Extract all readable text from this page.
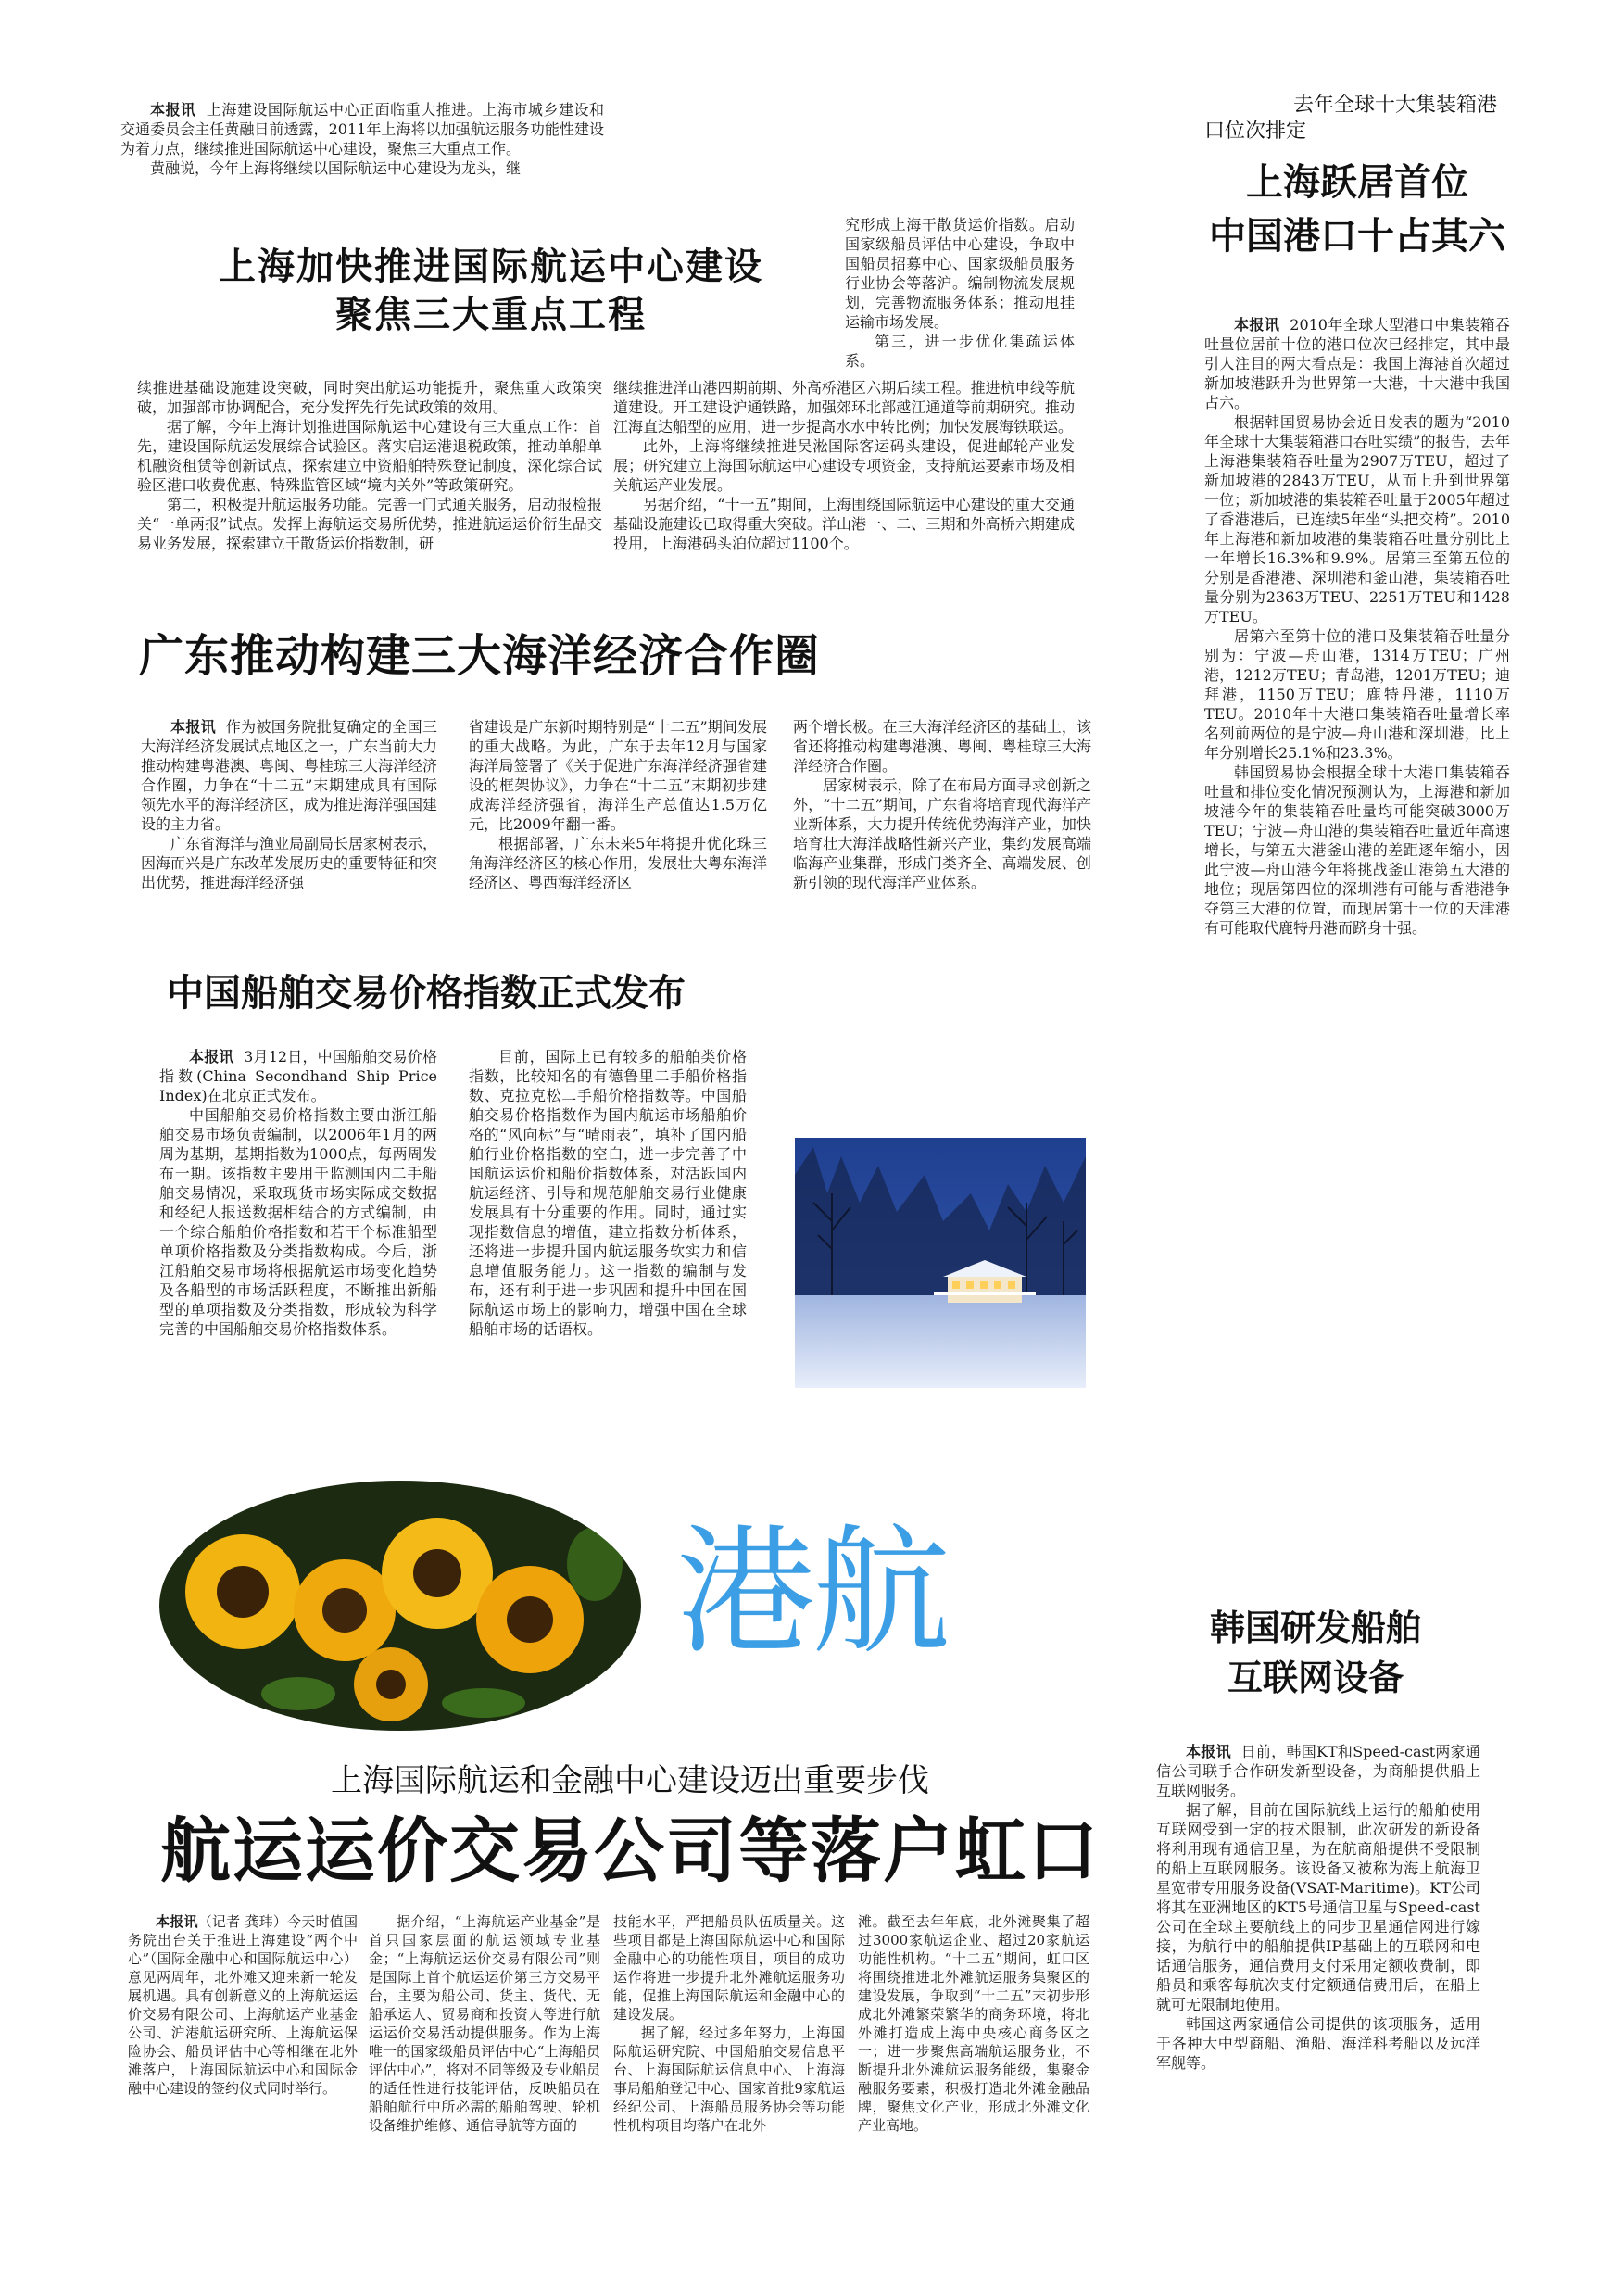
本报讯 上海建设国际航运中心正面临重大推进。上海市城乡建设和交通委员会主任黄融日前透露，2011年上海将以加强航运服务功能性建设为着力点，继续推进国际航运中心建设，聚焦三大重点工作。

黄融说，今年上海将继续以国际航运中心建设为龙头，继

上海加快推进国际航运中心建设
聚焦三大重点工程

究形成上海干散货运价指数。启动国家级船员评估中心建设，争取中国船员招募中心、国家级船员服务行业协会等落沪。编制物流发展规划，完善物流服务体系；推动甩挂运输市场发展。

第三，进一步优化集疏运体系。

续推进基础设施建设突破，同时突出航运功能提升，聚焦重大政策突破，加强部市协调配合，充分发挥先行先试政策的效用。

据了解，今年上海计划推进国际航运中心建设有三大重点工作：首先，建设国际航运发展综合试验区。落实启运港退税政策，推动单船单机融资租赁等创新试点，探索建立中资船舶特殊登记制度，深化综合试验区港口收费优惠、特殊监管区域“境内关外”等政策研究。

第二，积极提升航运服务功能。完善一门式通关服务，启动报检报关“一单两报”试点。发挥上海航运交易所优势，推进航运运价衍生品交易业务发展，探索建立干散货运价指数制，研

继续推进洋山港四期前期、外高桥港区六期后续工程。推进杭申线等航道建设。开工建设沪通铁路，加强郊环北部越江通道等前期研究。推动江海直达船型的应用，进一步提高水水中转比例；加快发展海铁联运。

此外，上海将继续推进吴淞国际客运码头建设，促进邮轮产业发展；研究建立上海国际航运中心建设专项资金，支持航运要素市场及相关航运产业发展。

另据介绍，“十一五”期间，上海围绕国际航运中心建设的重大交通基础设施建设已取得重大突破。洋山港一、二、三期和外高桥六期建成投用，上海港码头泊位超过1100个。

去年全球十大集装箱港
口位次排定
上海跃居首位
中国港口十占其六

本报讯 2010年全球大型港口中集装箱吞吐量位居前十位的港口位次已经排定，其中最引人注目的两大看点是：我国上海港首次超过新加坡港跃升为世界第一大港，十大港中我国占六。

根据韩国贸易协会近日发表的题为“2010年全球十大集装箱港口吞吐实绩”的报告，去年上海港集装箱吞吐量为2907万TEU，超过了新加坡港的2843万TEU，从而上升到世界第一位；新加坡港的集装箱吞吐量于2005年超过了香港港后，已连续5年坐“头把交椅”。2010年上海港和新加坡港的集装箱吞吐量分别比上一年增长16.3%和9.9%。居第三至第五位的分别是香港港、深圳港和釜山港，集装箱吞吐量分别为2363万TEU、2251万TEU和1428万TEU。

居第六至第十位的港口及集装箱吞吐量分别为：宁波—舟山港，1314万TEU；广州港，1212万TEU；青岛港，1201万TEU；迪拜港，1150万TEU；鹿特丹港，1110万TEU。2010年十大港口集装箱吞吐量增长率名列前两位的是宁波—舟山港和深圳港，比上年分别增长25.1%和23.3%。

韩国贸易协会根据全球十大港口集装箱吞吐量和排位变化情况预测认为，上海港和新加坡港今年的集装箱吞吐量均可能突破3000万TEU；宁波—舟山港的集装箱吞吐量近年高速增长，与第五大港釜山港的差距逐年缩小，因此宁波—舟山港今年将挑战釜山港第五大港的地位；现居第四位的深圳港有可能与香港港争夺第三大港的位置，而现居第十一位的天津港有可能取代鹿特丹港而跻身十强。

广东推动构建三大海洋经济合作圈

本报讯 作为被国务院批复确定的全国三大海洋经济发展试点地区之一，广东当前大力推动构建粤港澳、粤闽、粤桂琼三大海洋经济合作圈，力争在“十二五”末期建成具有国际领先水平的海洋经济区，成为推进海洋强国建设的主力省。

广东省海洋与渔业局副局长居家树表示，因海而兴是广东改革发展历史的重要特征和突出优势，推进海洋经济强

省建设是广东新时期特别是“十二五”期间发展的重大战略。为此，广东于去年12月与国家海洋局签署了《关于促进广东海洋经济强省建设的框架协议》，力争在“十二五”末期初步建成海洋经济强省，海洋生产总值达1.5万亿元，比2009年翻一番。

根据部署，广东未来5年将提升优化珠三角海洋经济区的核心作用，发展壮大粤东海洋经济区、粤西海洋经济区

两个增长极。在三大海洋经济区的基础上，该省还将推动构建粤港澳、粤闽、粤桂琼三大海洋经济合作圈。

居家树表示，除了在布局方面寻求创新之外，“十二五”期间，广东省将培育现代海洋产业新体系，大力提升传统优势海洋产业，加快培育壮大海洋战略性新兴产业，集约发展高端临海产业集群，形成门类齐全、高端发展、创新引领的现代海洋产业体系。

中国船舶交易价格指数正式发布

本报讯 3月12日，中国船舶交易价格指数(China Secondhand Ship Price Index)在北京正式发布。

中国船舶交易价格指数主要由浙江船舶交易市场负责编制，以2006年1月的两周为基期，基期指数为1000点，每两周发布一期。该指数主要用于监测国内二手船舶交易情况，采取现货市场实际成交数据和经纪人报送数据相结合的方式编制，由一个综合船舶价格指数和若干个标准船型单项价格指数及分类指数构成。今后，浙江船舶交易市场将根据航运市场变化趋势及各船型的市场活跃程度，不断推出新船型的单项指数及分类指数，形成较为科学完善的中国船舶交易价格指数体系。

目前，国际上已有较多的船舶类价格指数，比较知名的有德鲁里二手船价格指数、克拉克松二手船价格指数等。中国船舶交易价格指数作为国内航运市场船舶价格的“风向标”与“晴雨表”，填补了国内船舶行业价格指数的空白，进一步完善了中国航运运价和船价指数体系，对活跃国内航运经济、引导和规范船舶交易行业健康发展具有十分重要的作用。同时，通过实现指数信息的增值，建立指数分析体系，还将进一步提升国内航运服务软实力和信息增值服务能力。这一指数的编制与发布，还有利于进一步巩固和提升中国在国际航运市场上的影响力，增强中国在全球船舶市场的话语权。

港航	韩国研发船舶
互联网设备

本报讯 日前，韩国KT和Speed-cast两家通信公司联手合作研发新型设备，为商船提供船上互联网服务。

据了解，目前在国际航线上运行的船舶使用互联网受到一定的技术限制，此次研发的新设备将利用现有通信卫星，为在航商船提供不受限制的船上互联网服务。该设备又被称为海上航海卫星宽带专用服务设备(VSAT-Maritime)。KT公司将其在亚洲地区的KT5号通信卫星与Speed-cast公司在全球主要航线上的同步卫星通信网进行嫁接，为航行中的船舶提供IP基础上的互联网和电话通信服务，通信费用支付采用定额收费制，即船员和乘客每航次支付定额通信费用后，在船上就可无限制地使用。

韩国这两家通信公司提供的该项服务，适用于各种大中型商船、渔船、海洋科考船以及远洋军舰等。

上海国际航运和金融中心建设迈出重要步伐
航运运价交易公司等落户虹口

本报讯（记者 龚玮）今天时值国务院出台关于推进上海建设“两个中心”（国际金融中心和国际航运中心）意见两周年，北外滩又迎来新一轮发展机遇。具有创新意义的上海航运运价交易有限公司、上海航运产业基金公司、沪港航运研究所、上海航运保险协会、船员评估中心等相继在北外滩落户，上海国际航运中心和国际金融中心建设的签约仪式同时举行。

据介绍，“上海航运产业基金”是首只国家层面的航运领域专业基金；“上海航运运价交易有限公司”则是国际上首个航运运价第三方交易平台，主要为船公司、货主、货代、无船承运人、贸易商和投资人等进行航运运价交易活动提供服务。作为上海唯一的国家级船员评估中心“上海船员评估中心”，将对不同等级及专业船员的适任性进行技能评估，反映船员在船舶航行中所必需的船舶驾驶、轮机设备维护维修、通信导航等方面的

技能水平，严把船员队伍质量关。这些项目都是上海国际航运中心和国际金融中心的功能性项目，项目的成功运作将进一步提升北外滩航运服务功能，促推上海国际航运和金融中心的建设发展。

据了解，经过多年努力，上海国际航运研究院、中国船舶交易信息平台、上海国际航运信息中心、上海海事局船舶登记中心、国家首批9家航运经纪公司、上海船员服务协会等功能性机构项目均落户在北外

滩。截至去年年底，北外滩聚集了超过3000家航运企业、超过20家航运功能性机构。“十二五”期间，虹口区将围绕推进北外滩航运服务集聚区的建设发展，争取到“十二五”末初步形成北外滩繁荣繁华的商务环境，将北外滩打造成上海中央核心商务区之一；进一步聚焦高端航运服务业，不断提升北外滩航运服务能级，集聚金融服务要素，积极打造北外滩金融品牌，聚焦文化产业，形成北外滩文化产业高地。
